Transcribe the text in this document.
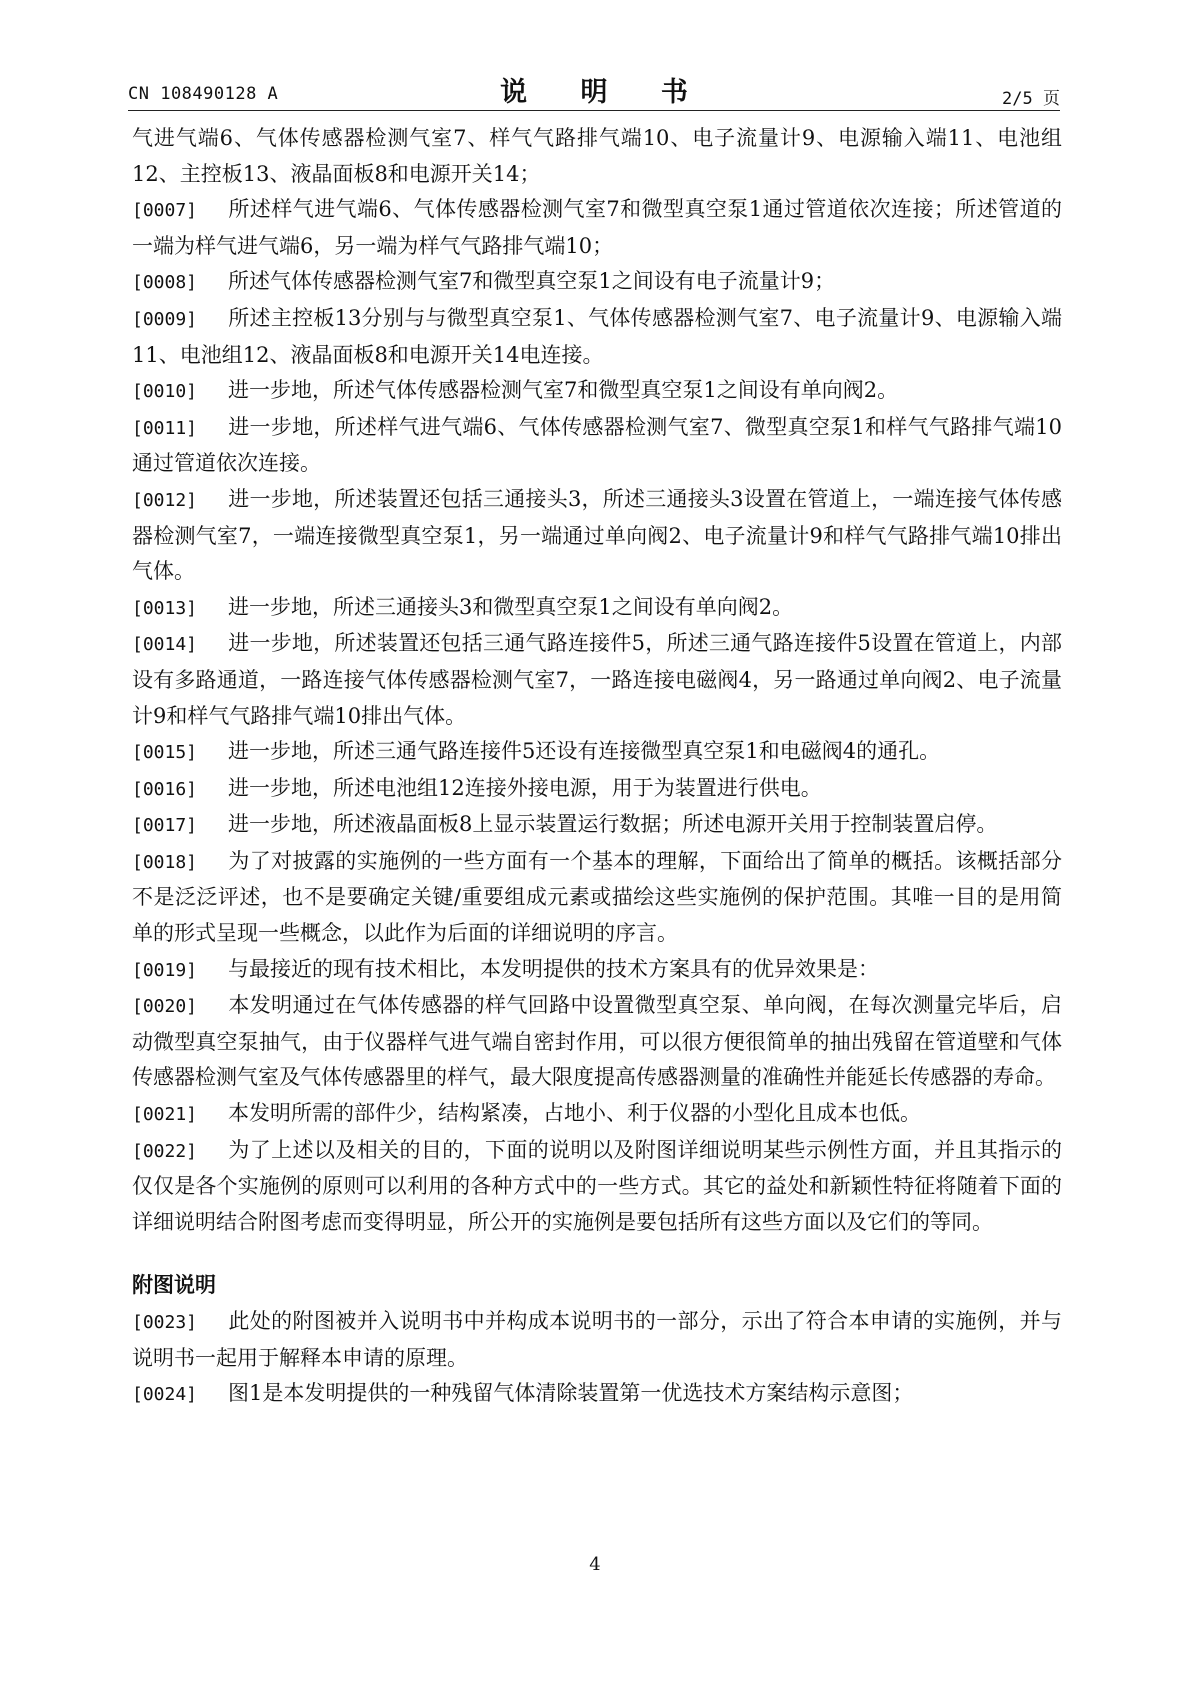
CN 108490128 A	说 明 书	2/5 页

气进气端6、气体传感器检测气室7、样气气路排气端10、电子流量计9、电源输入端11、电池组12、主控板13、液晶面板8和电源开关14；

[0007] 所述样气进气端6、气体传感器检测气室7和微型真空泵1通过管道依次连接；所述管道的一端为样气进气端6，另一端为样气气路排气端10；

[0008] 所述气体传感器检测气室7和微型真空泵1之间设有电子流量计9；

[0009] 所述主控板13分别与与微型真空泵1、气体传感器检测气室7、电子流量计9、电源输入端11、电池组12、液晶面板8和电源开关14电连接。

[0010] 进一步地，所述气体传感器检测气室7和微型真空泵1之间设有单向阀2。

[0011] 进一步地，所述样气进气端6、气体传感器检测气室7、微型真空泵1和样气气路排气端10通过管道依次连接。

[0012] 进一步地，所述装置还包括三通接头3，所述三通接头3设置在管道上，一端连接气体传感器检测气室7，一端连接微型真空泵1，另一端通过单向阀2、电子流量计9和样气气路排气端10排出气体。

[0013] 进一步地，所述三通接头3和微型真空泵1之间设有单向阀2。

[0014] 进一步地，所述装置还包括三通气路连接件5，所述三通气路连接件5设置在管道上，内部设有多路通道，一路连接气体传感器检测气室7，一路连接电磁阀4，另一路通过单向阀2、电子流量计9和样气气路排气端10排出气体。

[0015] 进一步地，所述三通气路连接件5还设有连接微型真空泵1和电磁阀4的通孔。

[0016] 进一步地，所述电池组12连接外接电源，用于为装置进行供电。

[0017] 进一步地，所述液晶面板8上显示装置运行数据；所述电源开关用于控制装置启停。

[0018] 为了对披露的实施例的一些方面有一个基本的理解，下面给出了简单的概括。该概括部分不是泛泛评述，也不是要确定关键/重要组成元素或描绘这些实施例的保护范围。其唯一目的是用简单的形式呈现一些概念，以此作为后面的详细说明的序言。

[0019] 与最接近的现有技术相比，本发明提供的技术方案具有的优异效果是：

[0020] 本发明通过在气体传感器的样气回路中设置微型真空泵、单向阀，在每次测量完毕后，启动微型真空泵抽气，由于仪器样气进气端自密封作用，可以很方便很简单的抽出残留在管道壁和气体传感器检测气室及气体传感器里的样气，最大限度提高传感器测量的准确性并能延长传感器的寿命。

[0021] 本发明所需的部件少，结构紧凑，占地小、利于仪器的小型化且成本也低。

[0022] 为了上述以及相关的目的，下面的说明以及附图详细说明某些示例性方面，并且其指示的仅仅是各个实施例的原则可以利用的各种方式中的一些方式。其它的益处和新颖性特征将随着下面的详细说明结合附图考虑而变得明显，所公开的实施例是要包括所有这些方面以及它们的等同。

附图说明

[0023] 此处的附图被并入说明书中并构成本说明书的一部分，示出了符合本申请的实施例，并与说明书一起用于解释本申请的原理。

[0024] 图1是本发明提供的一种残留气体清除装置第一优选技术方案结构示意图；

4
